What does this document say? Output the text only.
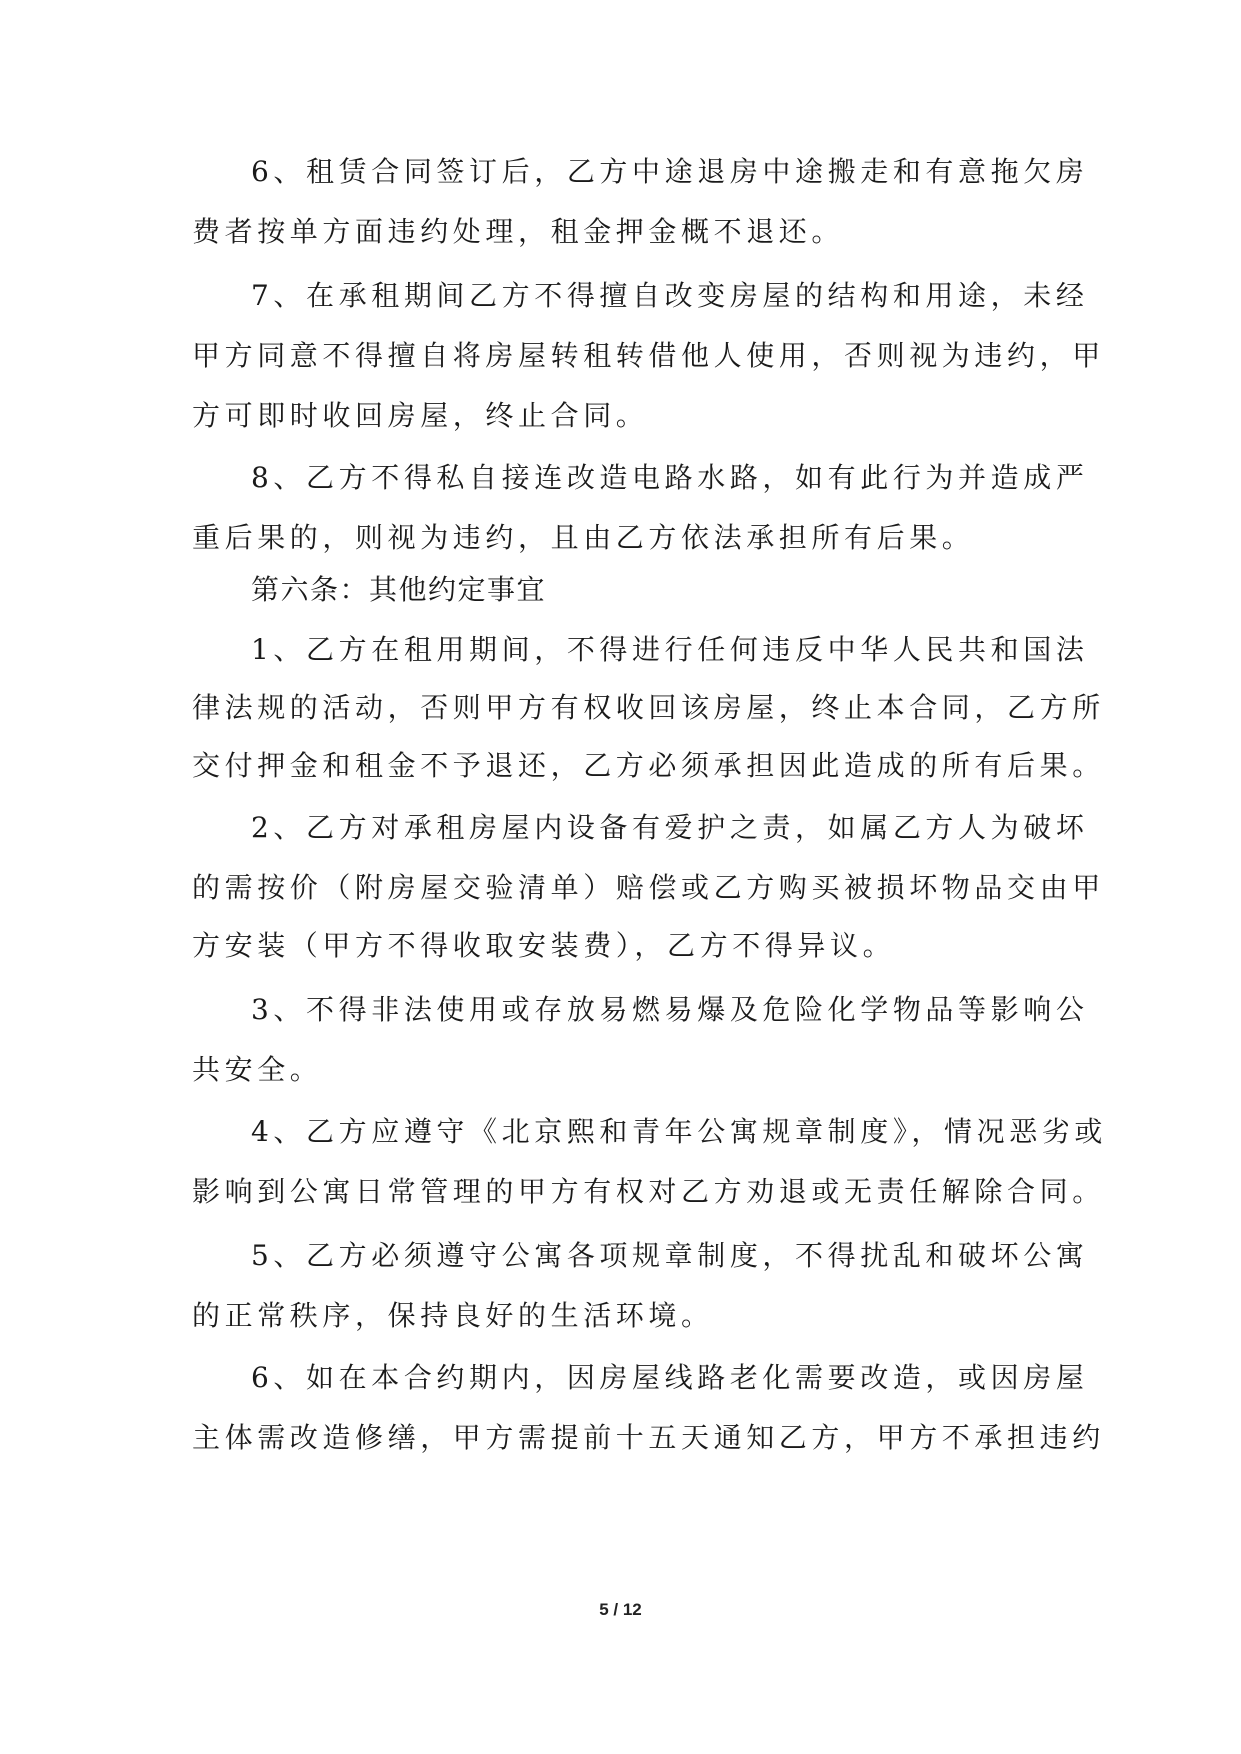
6、租赁合同签订后，乙方中途退房中途搬走和有意拖欠房
费者按单方面违约处理，租金押金概不退还。
7、在承租期间乙方不得擅自改变房屋的结构和用途，未经
甲方同意不得擅自将房屋转租转借他人使用，否则视为违约，甲
方可即时收回房屋，终止合同。
8、乙方不得私自接连改造电路水路，如有此行为并造成严
重后果的，则视为违约，且由乙方依法承担所有后果。
第六条：其他约定事宜
1、乙方在租用期间，不得进行任何违反中华人民共和国法
律法规的活动，否则甲方有权收回该房屋，终止本合同，乙方所
交付押金和租金不予退还，乙方必须承担因此造成的所有后果。
2、乙方对承租房屋内设备有爱护之责，如属乙方人为破坏
的需按价（附房屋交验清单）赔偿或乙方购买被损坏物品交由甲
方安装（甲方不得收取安装费），乙方不得异议。
3、不得非法使用或存放易燃易爆及危险化学物品等影响公
共安全。
4、乙方应遵守《北京熙和青年公寓规章制度》，情况恶劣或
影响到公寓日常管理的甲方有权对乙方劝退或无责任解除合同。
5、乙方必须遵守公寓各项规章制度，不得扰乱和破坏公寓
的正常秩序，保持良好的生活环境。
6、如在本合约期内，因房屋线路老化需要改造，或因房屋
主体需改造修缮，甲方需提前十五天通知乙方，甲方不承担违约
5 / 12
